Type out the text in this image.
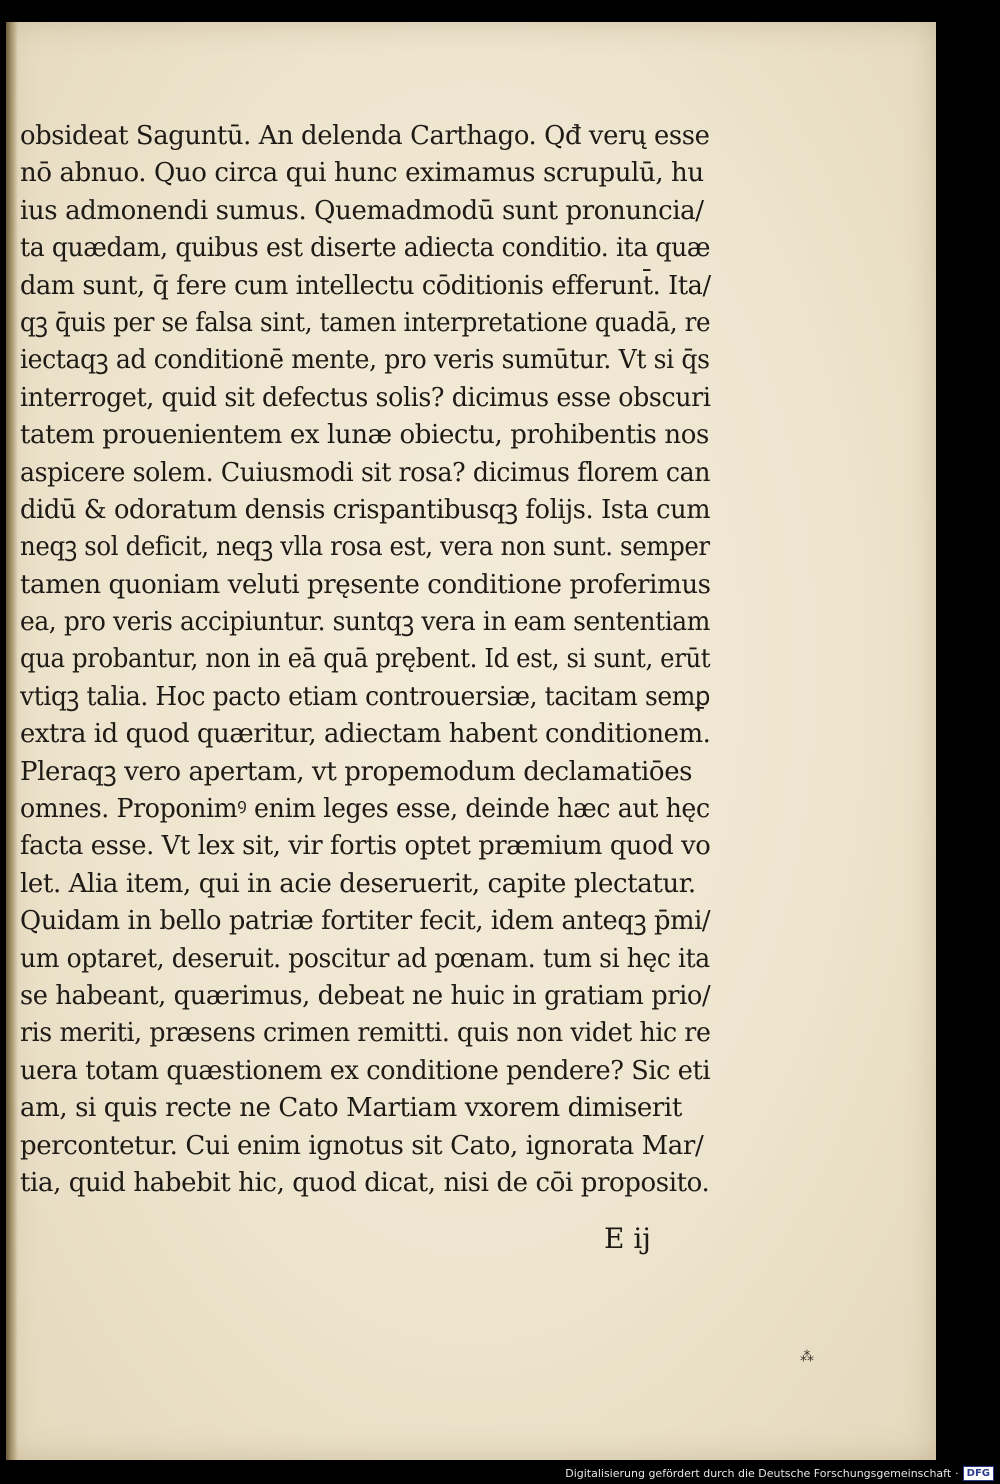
obsideat Saguntū. An delenda Carthago. Qđ verų esse
nō abnuo. Quo circa qui hunc eximamus scrupulū, hu
ius admonendi sumus. Quemadmodū sunt pronuncia/
ta quædam, quibus est diserte adiecta conditio. ita quæ
dam sunt, q̄ fere cum intellectu cōditionis efferunt̄. Ita/
qꝫ q̄uis per se falsa sint, tamen interpretatione quadā, re
iectaqꝫ ad conditionē mente, pro veris sumūtur. Vt si q̄s
interroget, quid sit defectus solis? dicimus esse obscuri
tatem prouenientem ex lunæ obiectu, prohibentis nos
aspicere solem. Cuiusmodi sit rosa? dicimus florem can
didū & odoratum densis crispantibusqꝫ folijs. Ista cum
neqꝫ sol deficit, neqꝫ vlla rosa est, vera non sunt. semper
tamen quoniam veluti pręsente conditione proferimus
ea, pro veris accipiuntur. suntqꝫ vera in eam sententiam
qua probantur, non in eā quā prębent. Id est, si sunt, erūt
vtiqꝫ talia. Hoc pacto etiam controuersiæ, tacitam semꝑ
extra id quod quæritur, adiectam habent conditionem.
Pleraqꝫ vero apertam, vt propemodum declamatiōes
omnes. Proponimꝰ enim leges esse, deinde hæc aut hęc
facta esse. Vt lex sit, vir fortis optet præmium quod vo
let. Alia item, qui in acie deseruerit, capite plectatur.
Quidam in bello patriæ fortiter fecit, idem anteqꝫ p̄mi/
um optaret, deseruit. poscitur ad pœnam. tum si hęc ita
se habeant, quærimus, debeat ne huic in gratiam prio/
ris meriti, præsens crimen remitti. quis non videt hic re
uera totam quæstionem ex conditione pendere? Sic eti
am, si quis recte ne Cato Martiam vxorem dimiserit
percontetur. Cui enim ignotus sit Cato, ignorata Mar/
tia, quid habebit hic, quod dicat, nisi de cōi proposito.
E ij
⁂
Digitalisierung gefördert durch die Deutsche Forschungsgemeinschaft · DFG
